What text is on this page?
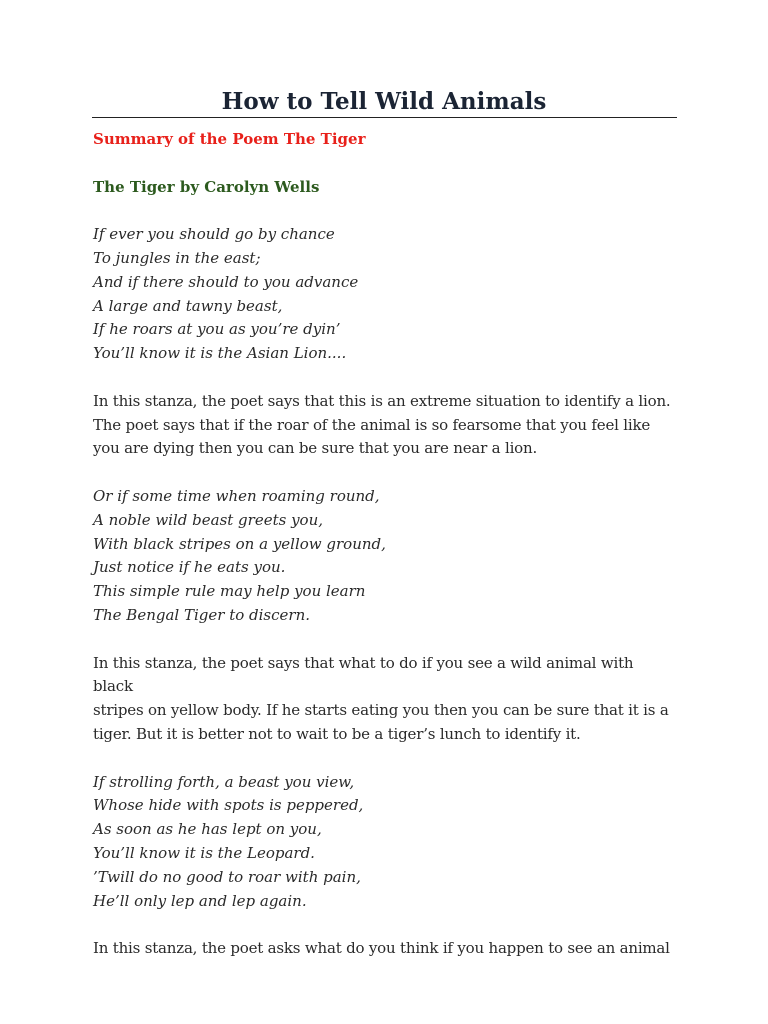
How to Tell Wild Animals

Summary of the Poem The Tiger

The Tiger by Carolyn Wells

If ever you should go by chance

To jungles in the east;

And if there should to you advance

A large and tawny beast,

If he roars at you as you’re dyin’

You’ll know it is the Asian Lion....

In this stanza, the poet says that this is an extreme situation to identify a lion.

The poet says that if the roar of the animal is so fearsome that you feel like

you are dying then you can be sure that you are near a lion.

Or if some time when roaming round,

A noble wild beast greets you,

With black stripes on a yellow ground,

Just notice if he eats you.

This simple rule may help you learn

The Bengal Tiger to discern.

In this stanza, the poet says that what to do if you see a wild animal with black

stripes on yellow body. If he starts eating you then you can be sure that it is a

tiger. But it is better not to wait to be a tiger’s lunch to identify it.

If strolling forth, a beast you view,

Whose hide with spots is peppered,

As soon as he has lept on you,

You’ll know it is the Leopard.

’Twill do no good to roar with pain,

He’ll only lep and lep again.

In this stanza, the poet asks what do you think if you happen to see an animal
